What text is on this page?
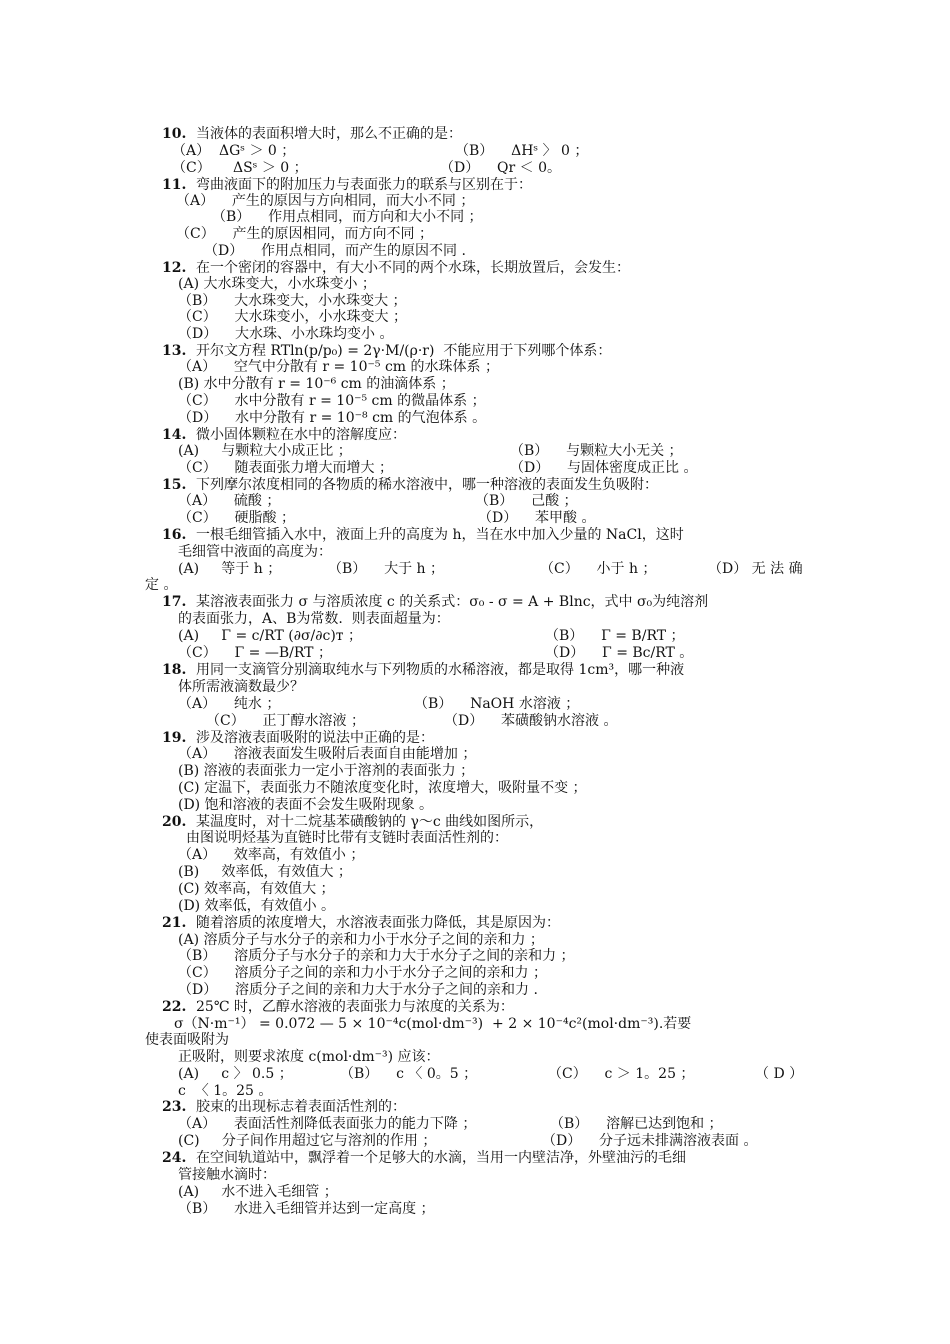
10. 当液体的表面积增大时，那么不正确的是：
（A）  ΔGˢ ＞ 0 ；	（B）    ΔHˢ 〉 0 ；
（C）     ΔSˢ ＞ 0 ；	（D）    Qr ＜ 0。
11. 弯曲液面下的附加压力与表面张力的联系与区别在于：
（A）    产生的原因与方向相同，而大小不同 ；
（B）    作用点相同，而方向和大小不同 ；
（C）    产生的原因相同，而方向不同 ；
（D）    作用点相同，而产生的原因不同 .
12. 在一个密闭的容器中，有大小不同的两个水珠，长期放置后，会发生：
(A) 大水珠变大，小水珠变小 ；
（B）    大水珠变大，小水珠变大 ；
（C）    大水珠变小，小水珠变大 ；
（D）    大水珠、小水珠均变小 。
13. 开尔文方程 RTln(p/p₀) = 2γ·M/(ρ·r)  不能应用于下列哪个体系：
（A）    空气中分散有 r = 10⁻⁵ cm 的水珠体系 ；
(B) 水中分散有 r = 10⁻⁶ cm 的油滴体系 ；
（C）    水中分散有 r = 10⁻⁵ cm 的微晶体系 ；
（D）    水中分散有 r = 10⁻⁸ cm 的气泡体系 。
14. 微小固体颗粒在水中的溶解度应：
(A)     与颗粒大小成正比 ；	（B）    与颗粒大小无关 ；
（C）    随表面张力增大而增大 ；	（D）    与固体密度成正比 。
15. 下列摩尔浓度相同的各物质的稀水溶液中，哪一种溶液的表面发生负吸附：
（A）    硫酸 ；	（B）    己酸 ；
（C）    硬脂酸 ；	（D）    苯甲酸 。
16. 一根毛细管插入水中，液面上升的高度为 h，当在水中加入少量的 NaCl，这时
毛细管中液面的高度为：
(A)     等于 h ；	（B）    大于 h ；	（C）    小于 h ；	（D） 无 法 确
定 。
17. 某溶液表面张力 σ 与溶质浓度 c 的关系式：σ₀ - σ = A + Blnc，式中 σ₀为纯溶剂
的表面张力，A、B为常数.  则表面超量为：
(A)     Γ = c/RT (∂σ/∂c)ᴛ ；	（B）    Γ = B/RT ；
（C）    Γ = —B/RT ；	（D）    Γ = Bc/RT 。
18. 用同一支滴管分别滴取纯水与下列物质的水稀溶液，都是取得 1cm³，哪一种液
体所需液滴数最少？
（A）    纯水 ；	（B）    NaOH 水溶液 ；
（C）    正丁醇水溶液 ；	（D）    苯磺酸钠水溶液 。
19. 涉及溶液表面吸附的说法中正确的是：
（A）    溶液表面发生吸附后表面自由能增加 ；
(B) 溶液的表面张力一定小于溶剂的表面张力 ；
(C) 定温下，表面张力不随浓度变化时，浓度增大，吸附量不变 ；
(D) 饱和溶液的表面不会发生吸附现象 。
20. 某温度时，对十二烷基苯磺酸钠的 γ～c 曲线如图所示，
由图说明烃基为直链时比带有支链时表面活性剂的：
（A）    效率高，有效值小 ；
(B)     效率低，有效值大 ；
(C) 效率高，有效值大 ；
(D) 效率低，有效值小 。
21. 随着溶质的浓度增大，水溶液表面张力降低，其是原因为：
(A) 溶质分子与水分子的亲和力小于水分子之间的亲和力 ；
（B）    溶质分子与水分子的亲和力大于水分子之间的亲和力 ；
（C）    溶质分子之间的亲和力小于水分子之间的亲和力 ；
（D）    溶质分子之间的亲和力大于水分子之间的亲和力 .
22. 25℃ 时，乙醇水溶液的表面张力与浓度的关系为：
σ（N·m⁻¹） = 0.072 — 5 × 10⁻⁴c(mol·dm⁻³)  + 2 × 10⁻⁴c²(mol·dm⁻³).若要
使表面吸附为
正吸附，则要求浓度 c(mol·dm⁻³) 应该：
(A)     c 〉 0.5 ；	（B）    c 〈 0。5 ；	（C）    c ＞ 1。25 ；	（ D ）
c  〈 1。25 。
23. 胶束的出现标志着表面活性剂的：
（A）    表面活性剂降低表面张力的能力下降 ；	（B）    溶解已达到饱和 ；
(C)     分子间作用超过它与溶剂的作用 ；	（D）    分子远未排满溶液表面 。
24. 在空间轨道站中，飘浮着一个足够大的水滴，当用一内壁洁净，外壁油污的毛细
管接触水滴时：
(A)     水不进入毛细管 ；
（B）    水进入毛细管并达到一定高度 ；
